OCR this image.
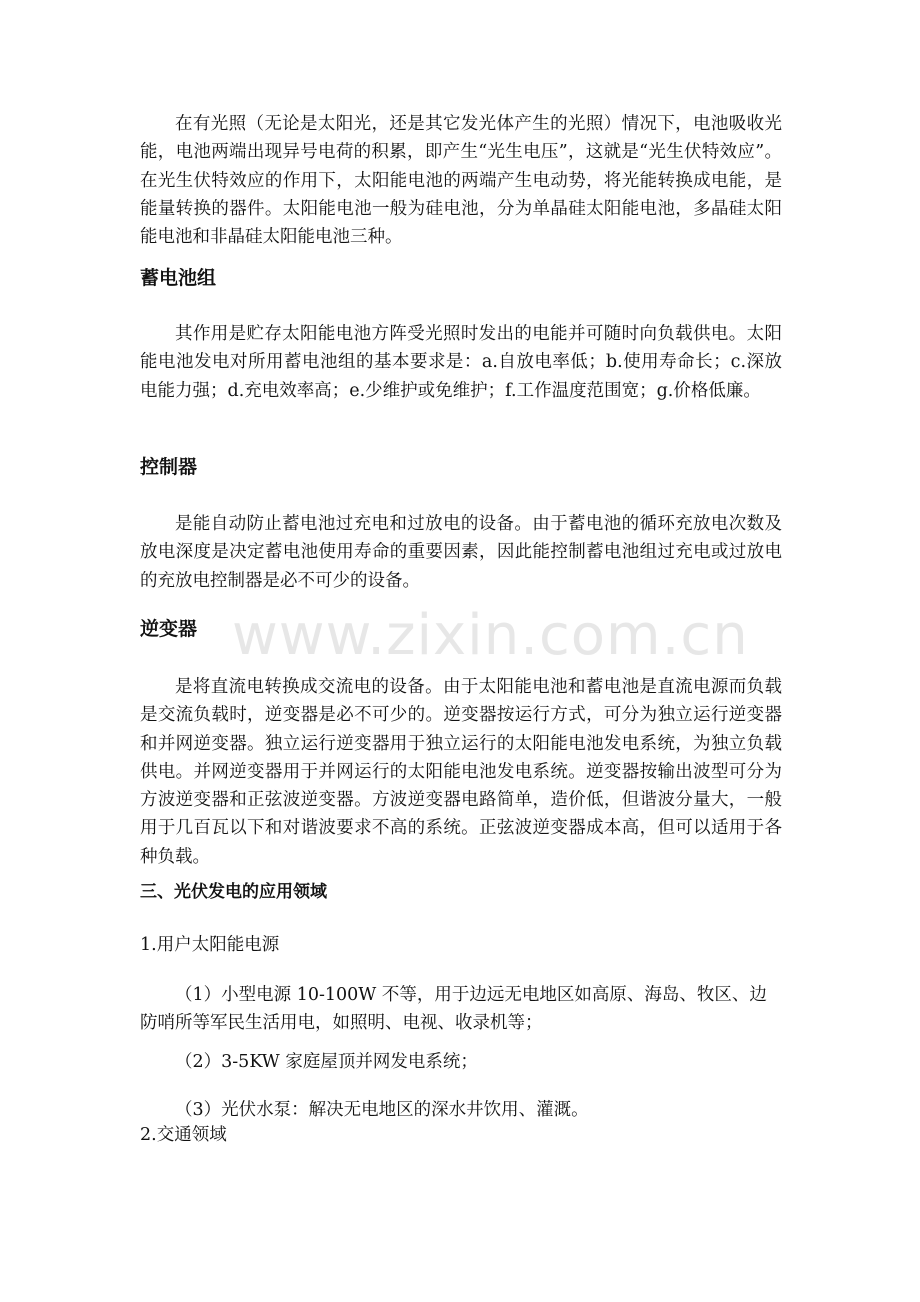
www.zixin.com.cn

在有光照（无论是太阳光，还是其它发光体产生的光照）情况下，电池吸收光能，电池两端出现异号电荷的积累，即产生“光生电压”，这就是“光生伏特效应”。在光生伏特效应的作用下，太阳能电池的两端产生电动势，将光能转换成电能，是能量转换的器件。太阳能电池一般为硅电池，分为单晶硅太阳能电池，多晶硅太阳能电池和非晶硅太阳能电池三种。

蓄电池组

其作用是贮存太阳能电池方阵受光照时发出的电能并可随时向负载供电。太阳能电池发电对所用蓄电池组的基本要求是：a.自放电率低；b.使用寿命长；c.深放电能力强；d.充电效率高；e.少维护或免维护；f.工作温度范围宽；g.价格低廉。

控制器

是能自动防止蓄电池过充电和过放电的设备。由于蓄电池的循环充放电次数及放电深度是决定蓄电池使用寿命的重要因素，因此能控制蓄电池组过充电或过放电的充放电控制器是必不可少的设备。

逆变器

是将直流电转换成交流电的设备。由于太阳能电池和蓄电池是直流电源而负载是交流负载时，逆变器是必不可少的。逆变器按运行方式，可分为独立运行逆变器和并网逆变器。独立运行逆变器用于独立运行的太阳能电池发电系统，为独立负载供电。并网逆变器用于并网运行的太阳能电池发电系统。逆变器按输出波型可分为方波逆变器和正弦波逆变器。方波逆变器电路简单，造价低，但谐波分量大，一般用于几百瓦以下和对谐波要求不高的系统。正弦波逆变器成本高，但可以适用于各种负载。

三、光伏发电的应用领域

1.用户太阳能电源

（1）小型电源 10-100W 不等，用于边远无电地区如高原、海岛、牧区、边防哨所等军民生活用电，如照明、电视、收录机等；

（2）3-5KW 家庭屋顶并网发电系统；

（3）光伏水泵：解决无电地区的深水井饮用、灌溉。

2.交通领域
